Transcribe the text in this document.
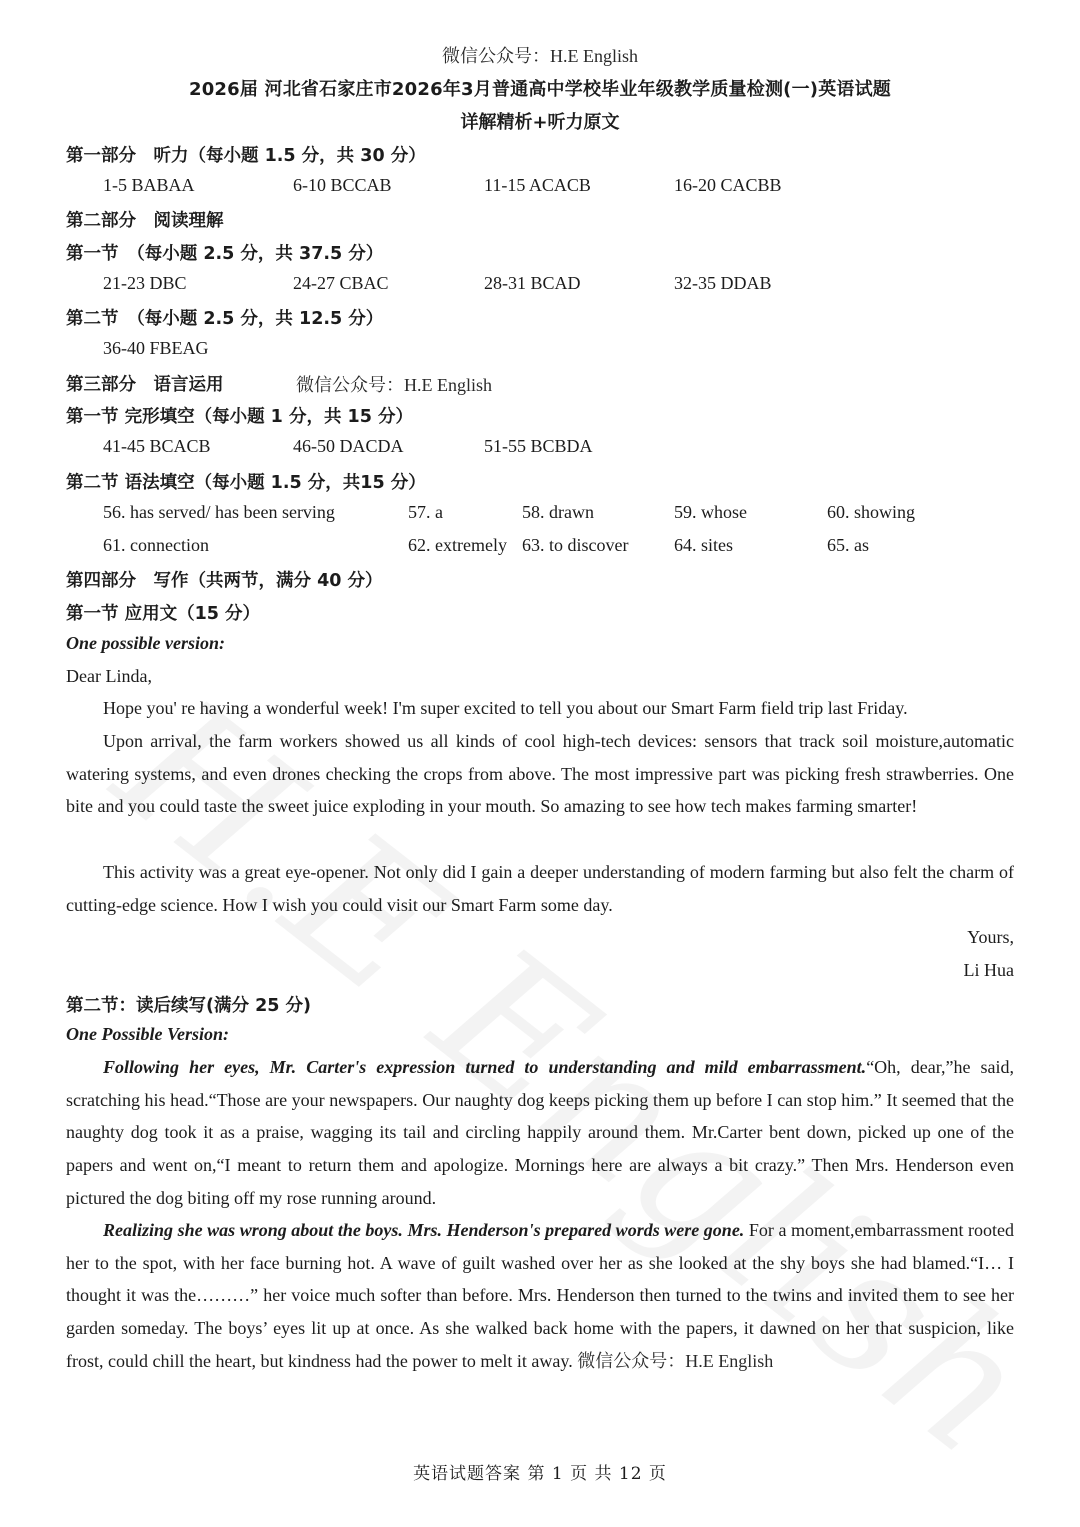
微信公众号：H.E English
2026届 河北省石家庄市2026年3月普通高中学校毕业年级教学质量检测(一)英语试题
详解精析+听力原文
第一部分　听力（每小题 1.5 分，共 30 分）
1-5 BABAA	6-10 BCCAB	11-15 ACACB	16-20 CACBB
第二部分　阅读理解
第一节　（每小题 2.5 分，共 37.5 分）
21-23 DBC	24-27 CBAC	28-31 BCAD	32-35 DDAB
第二节　（每小题 2.5 分，共 12.5 分）
36-40 FBEAG
第三部分　语言运用	微信公众号：H.E English
第一节 完形填空（每小题 1 分，共 15 分）
41-45 BCACB	46-50 DACDA	51-55 BCBDA
第二节 语法填空（每小题 1.5 分，共15 分）
56. has served/ has been serving	57. a	58. drawn	59. whose	60. showing
61. connection	62. extremely 63. to discover	64. sites	65. as
第四部分　写作（共两节，满分 40 分）
第一节 应用文（15 分）
One possible version:
Dear Linda,
Hope you' re having a wonderful week! I'm super excited to tell you about our Smart Farm field trip last Friday.
Upon arrival, the farm workers showed us all kinds of cool high-tech devices: sensors that track soil moisture,automatic watering systems, and even drones checking the crops from above. The most impressive part was picking fresh strawberries. One bite and you could taste the sweet juice exploding in your mouth. So amazing to see how tech makes farming smarter!
This activity was a great eye-opener. Not only did I gain a deeper understanding of modern farming but also felt the charm of cutting-edge science. How I wish you could visit our Smart Farm some day.
Yours,
Li Hua
第二节：读后续写(满分 25 分)
One Possible Version:
Following her eyes, Mr. Carter's expression turned to understanding and mild embarrassment.“Oh, dear,”he said, scratching his head.“Those are your newspapers. Our naughty dog keeps picking them up before I can stop him.” It seemed that the naughty dog took it as a praise, wagging its tail and circling happily around them. Mr.Carter bent down, picked up one of the papers and went on,“I meant to return them and apologize. Mornings here are always a bit crazy.” Then Mrs. Henderson even pictured the dog biting off my rose running around.
Realizing she was wrong about the boys. Mrs. Henderson's prepared words were gone. For a moment,embarrassment rooted her to the spot, with her face burning hot. A wave of guilt washed over her as she looked at the shy boys she had blamed.“I… I thought it was the………” her voice much softer than before. Mrs. Henderson then turned to the twins and invited them to see her garden someday. The boys’ eyes lit up at once. As she walked back home with the papers, it dawned on her that suspicion, like frost, could chill the heart, but kindness had the power to melt it away. 微信公众号：H.E English
英语试题答案 第 1 页 共 12 页
